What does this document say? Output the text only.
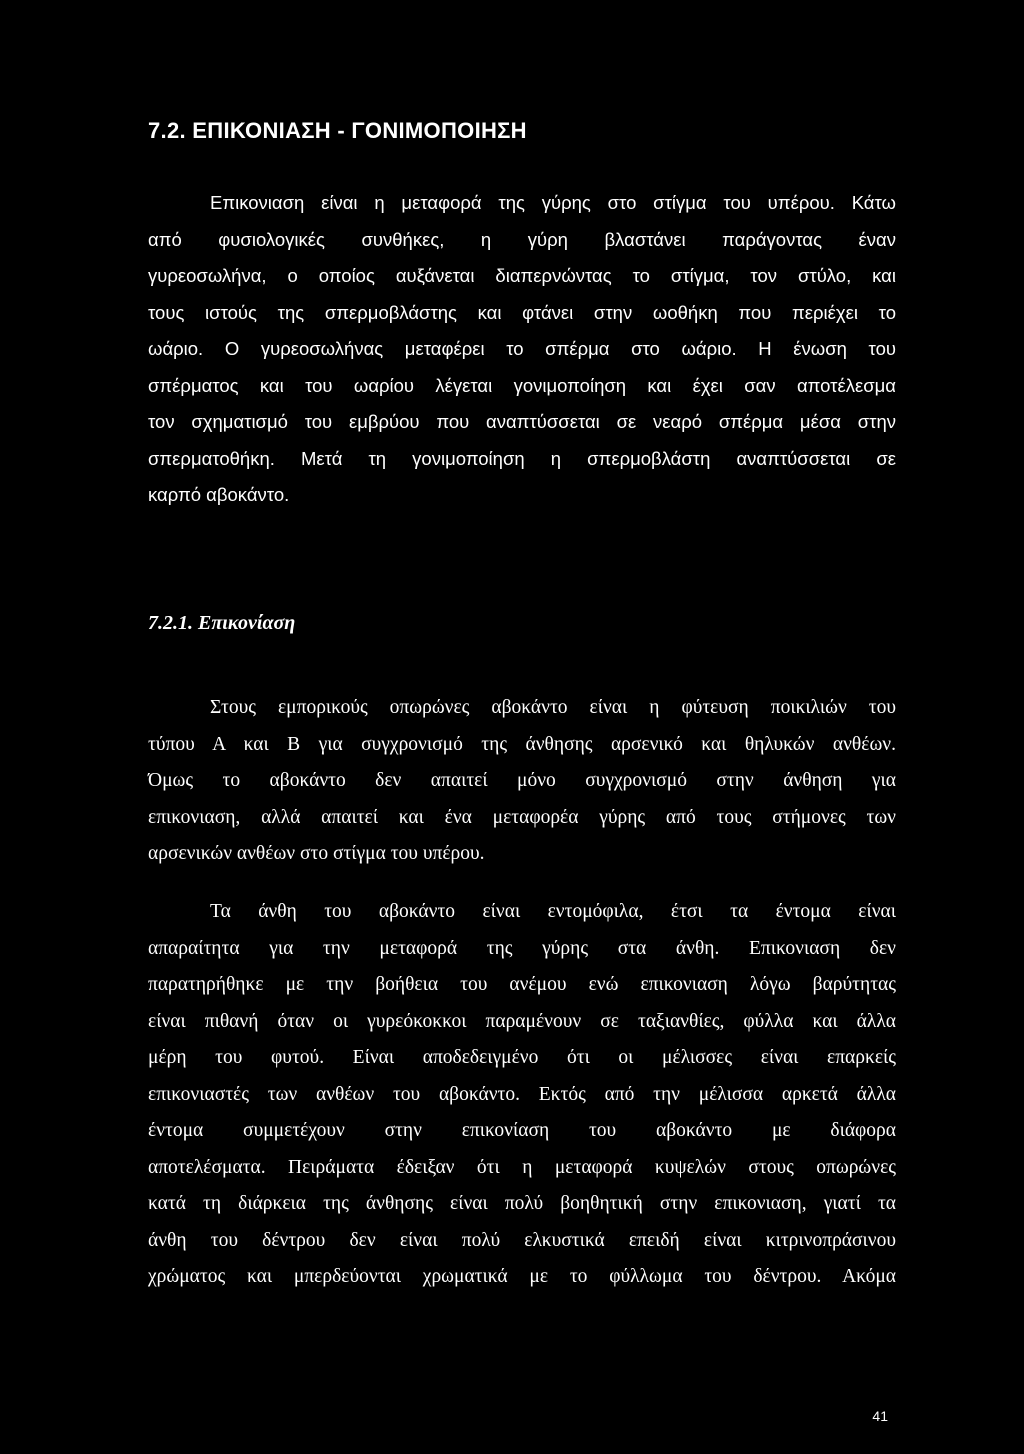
7.2. ΕΠΙΚΟΝΙΑΣΗ - ΓΟΝΙΜΟΠΟΙΗΣΗ
Επικονιαση είναι η μεταφορά της γύρης στο στίγμα του υπέρου. Κάτω
από φυσιολογικές συνθήκες, η γύρη βλαστάνει παράγοντας έναν
γυρεοσωλήνα, ο οποίος αυξάνεται διαπερνώντας το στίγμα, τον στύλο, και
τους ιστούς της σπερμοβλάστης και φτάνει στην ωοθήκη που περιέχει το
ωάριο. Ο γυρεοσωλήνας μεταφέρει το σπέρμα στο ωάριο. Η ένωση του
σπέρματος και του ωαρίου λέγεται γονιμοποίηση και έχει σαν αποτέλεσμα
τον σχηματισμό του εμβρύου που αναπτύσσεται σε νεαρό σπέρμα μέσα στην
σπερματοθήκη. Μετά τη γονιμοποίηση η σπερμοβλάστη αναπτύσσεται σε
καρπό αβοκάντο.
7.2.1. Επικονίαση
Στους εμπορικούς οπωρώνες αβοκάντο είναι η φύτευση ποικιλιών του
τύπου Α και Β για συγχρονισμό της άνθησης αρσενικό και θηλυκών ανθέων.
Όμως το αβοκάντο δεν απαιτεί μόνο συγχρονισμό στην άνθηση για
επικονιαση, αλλά απαιτεί και ένα μεταφορέα γύρης από τους στήμονες των
αρσενικών ανθέων στο στίγμα του υπέρου.
Τα άνθη του αβοκάντο είναι εντομόφιλα, έτσι τα έντομα είναι
απαραίτητα για την μεταφορά της γύρης στα άνθη. Επικονιαση δεν
παρατηρήθηκε με την βοήθεια του ανέμου ενώ επικονιαση λόγω βαρύτητας
είναι πιθανή όταν οι γυρεόκοκκοι παραμένουν σε ταξιανθίες, φύλλα και άλλα
μέρη του φυτού. Είναι αποδεδειγμένο ότι οι μέλισσες είναι επαρκείς
επικονιαστές των ανθέων του αβοκάντο. Εκτός από την μέλισσα αρκετά άλλα
έντομα συμμετέχουν στην επικονίαση του αβοκάντο με διάφορα
αποτελέσματα. Πειράματα έδειξαν ότι η μεταφορά κυψελών στους οπωρώνες
κατά τη διάρκεια της άνθησης είναι πολύ βοηθητική στην επικονιαση, γιατί τα
άνθη του δέντρου δεν είναι πολύ ελκυστικά επειδή είναι κιτρινοπράσινου
χρώματος και μπερδεύονται χρωματικά με το φύλλωμα του δέντρου. Ακόμα
41
